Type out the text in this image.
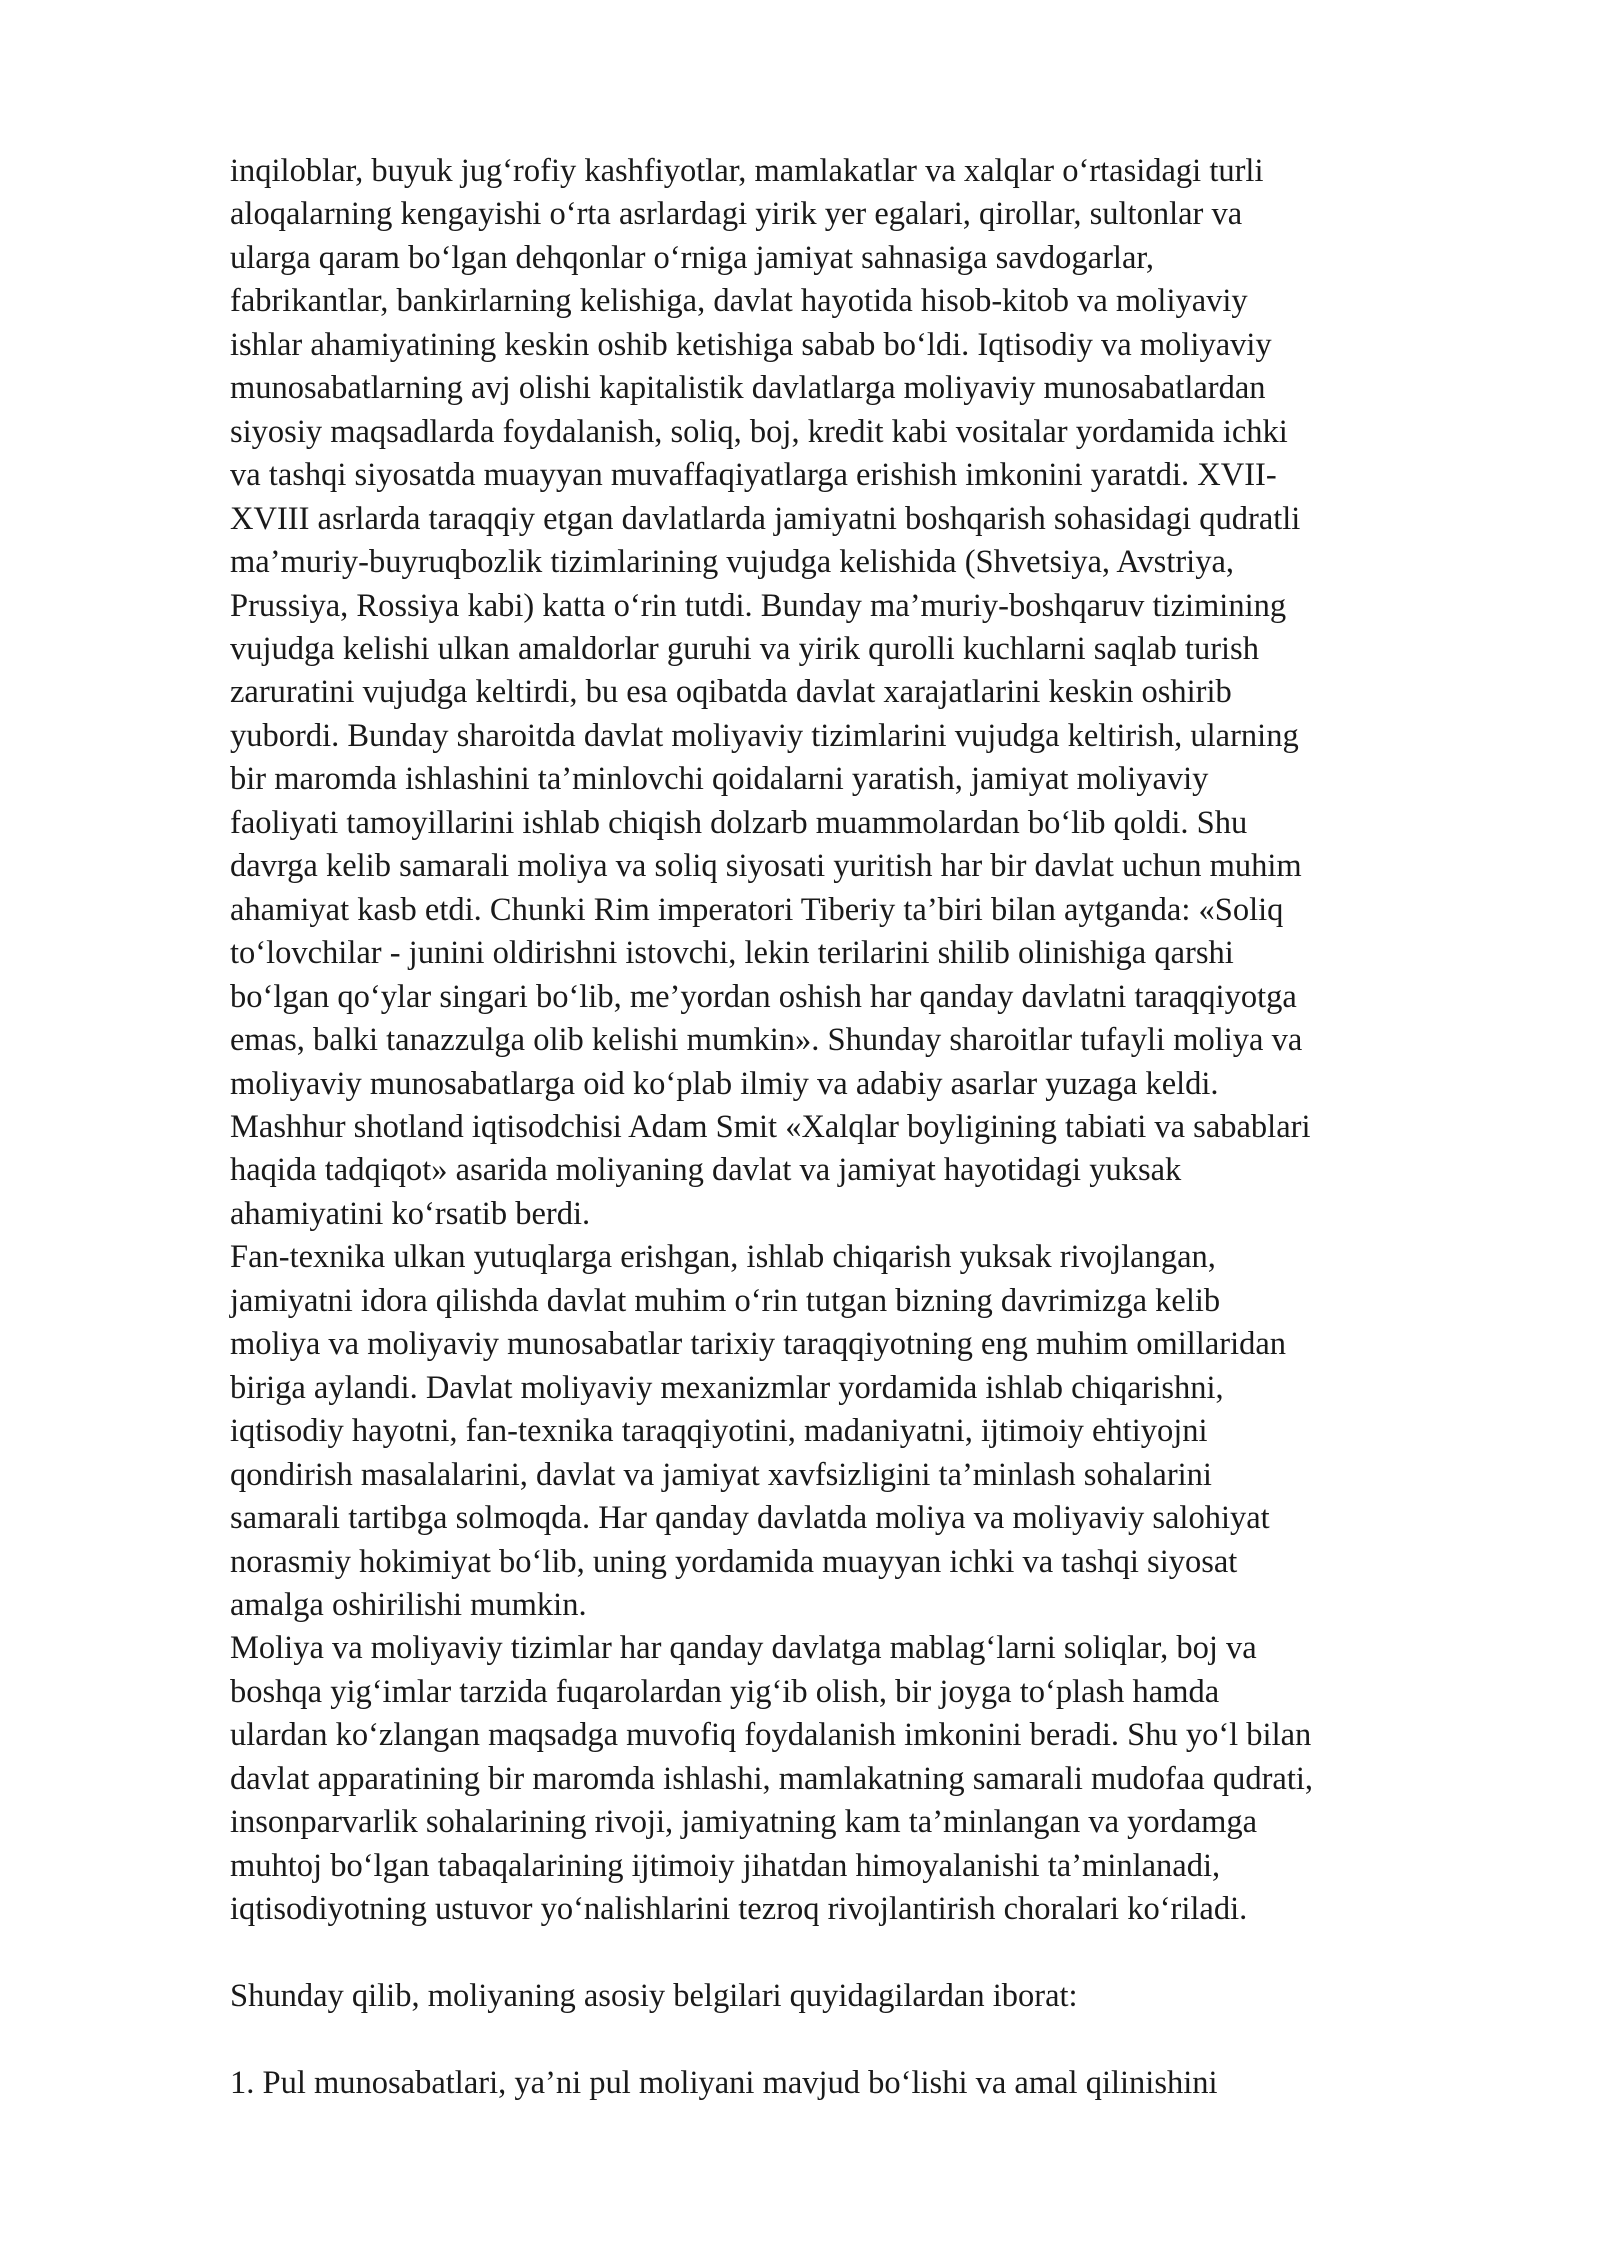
inqiloblar, buyuk jug‘rofiy kashfiyotlar, mamlakatlar va xalqlar o‘rtasidagi turli
aloqalarning kengayishi o‘rta asrlardagi yirik yer egalari, qirollar, sultonlar va
ularga qaram bo‘lgan dehqonlar o‘rniga jamiyat sahnasiga savdogarlar,
fabrikantlar, bankirlarning kelishiga, davlat hayotida hisob-kitob va moliyaviy
ishlar ahamiyatining keskin oshib ketishiga sabab bo‘ldi. Iqtisodiy va moliyaviy
munosabatlarning avj olishi kapitalistik davlatlarga moliyaviy munosabatlardan
siyosiy maqsadlarda foydalanish, soliq, boj, kredit kabi vositalar yordamida ichki
va tashqi siyosatda muayyan muvaffaqiyatlarga erishish imkonini yaratdi. XVII-
XVIII asrlarda taraqqiy etgan davlatlarda jamiyatni boshqarish sohasidagi qudratli
ma’muriy-buyruqbozlik tizimlarining vujudga kelishida (Shvetsiya, Avstriya,
Prussiya, Rossiya kabi) katta o‘rin tutdi. Bunday ma’muriy-boshqaruv tizimining
vujudga kelishi ulkan amaldorlar guruhi va yirik qurolli kuchlarni saqlab turish
zaruratini vujudga keltirdi, bu esa oqibatda davlat xarajatlarini keskin oshirib
yubordi. Bunday sharoitda davlat moliyaviy tizimlarini vujudga keltirish, ularning
bir maromda ishlashini ta’minlovchi qoidalarni yaratish, jamiyat moliyaviy
faoliyati tamoyillarini ishlab chiqish dolzarb muammolardan bo‘lib qoldi. Shu
davrga kelib samarali moliya va soliq siyosati yuritish har bir davlat uchun muhim
ahamiyat kasb etdi. Chunki Rim imperatori Tiberiy ta’biri bilan aytganda: «Soliq
to‘lovchilar - junini oldirishni istovchi, lekin terilarini shilib olinishiga qarshi
bo‘lgan qo‘ylar singari bo‘lib, me’yordan oshish har qanday davlatni taraqqiyotga
emas, balki tanazzulga olib kelishi mumkin». Shunday sharoitlar tufayli moliya va
moliyaviy munosabatlarga oid ko‘plab ilmiy va adabiy asarlar yuzaga keldi.
Mashhur shotland iqtisodchisi Adam Smit «Xalqlar boyligining tabiati va sabablari
haqida tadqiqot» asarida moliyaning davlat va jamiyat hayotidagi yuksak
ahamiyatini ko‘rsatib berdi.
Fan-texnika ulkan yutuqlarga erishgan, ishlab chiqarish yuksak rivojlangan,
jamiyatni idora qilishda davlat muhim o‘rin tutgan bizning davrimizga kelib
moliya va moliyaviy munosabatlar tarixiy taraqqiyotning eng muhim omillaridan
biriga aylandi. Davlat moliyaviy mexanizmlar yordamida ishlab chiqarishni,
iqtisodiy hayotni, fan-texnika taraqqiyotini, madaniyatni, ijtimoiy ehtiyojni
qondirish masalalarini, davlat va jamiyat xavfsizligini ta’minlash sohalarini
samarali tartibga solmoqda. Har qanday davlatda moliya va moliyaviy salohiyat
norasmiy hokimiyat bo‘lib, uning yordamida muayyan ichki va tashqi siyosat
amalga oshirilishi mumkin.
Moliya va moliyaviy tizimlar har qanday davlatga mablag‘larni soliqlar, boj va
boshqa yig‘imlar tarzida fuqarolardan yig‘ib olish, bir joyga to‘plash hamda
ulardan ko‘zlangan maqsadga muvofiq foydalanish imkonini beradi. Shu yo‘l bilan
davlat apparatining bir maromda ishlashi, mamlakatning samarali mudofaa qudrati,
insonparvarlik sohalarining rivoji, jamiyatning kam ta’minlangan va yordamga
muhtoj bo‘lgan tabaqalarining ijtimoiy jihatdan himoyalanishi ta’minlanadi,
iqtisodiyotning ustuvor yo‘nalishlarini tezroq rivojlantirish choralari ko‘riladi.
Shunday qilib, moliyaning asosiy belgilari quyidagilardan iborat:
1. Pul munosabatlari, ya’ni pul moliyani mavjud bo‘lishi va amal qilinishini
